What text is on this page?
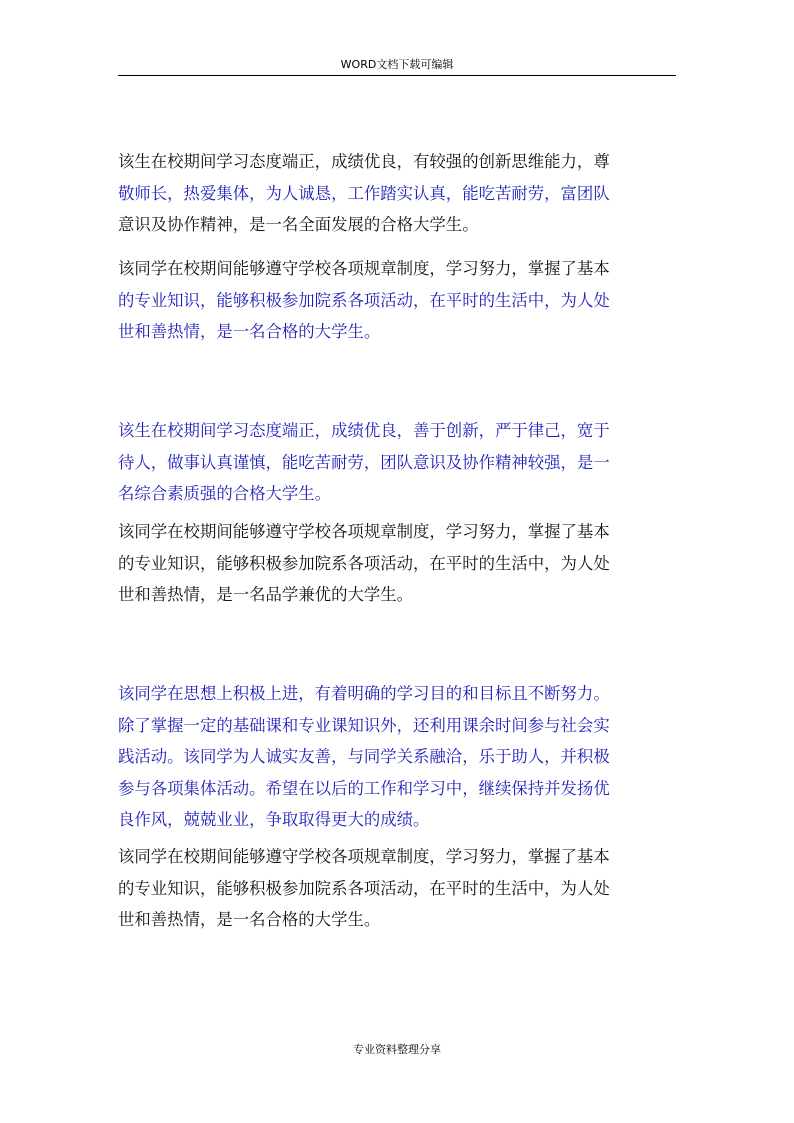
WORD文档下载可编辑
该生在校期间学习态度端正，成绩优良，有较强的创新思维能力，尊
敬师长，热爱集体，为人诚恳，工作踏实认真，能吃苦耐劳，富团队
意识及协作精神，是一名全面发展的合格大学生。
该同学在校期间能够遵守学校各项规章制度，学习努力，掌握了基本
的专业知识，能够积极参加院系各项活动，在平时的生活中，为人处
世和善热情，是一名合格的大学生。
该生在校期间学习态度端正，成绩优良，善于创新，严于律己，宽于
待人，做事认真谨慎，能吃苦耐劳，团队意识及协作精神较强，是一
名综合素质强的合格大学生。
该同学在校期间能够遵守学校各项规章制度，学习努力，掌握了基本
的专业知识，能够积极参加院系各项活动，在平时的生活中，为人处
世和善热情，是一名品学兼优的大学生。
该同学在思想上积极上进，有着明确的学习目的和目标且不断努力。
除了掌握一定的基础课和专业课知识外，还利用课余时间参与社会实
践活动。该同学为人诚实友善，与同学关系融洽，乐于助人，并积极
参与各项集体活动。希望在以后的工作和学习中，继续保持并发扬优
良作风，兢兢业业，争取取得更大的成绩。
该同学在校期间能够遵守学校各项规章制度，学习努力，掌握了基本
的专业知识，能够积极参加院系各项活动，在平时的生活中，为人处
世和善热情，是一名合格的大学生。
专业资料整理分享
